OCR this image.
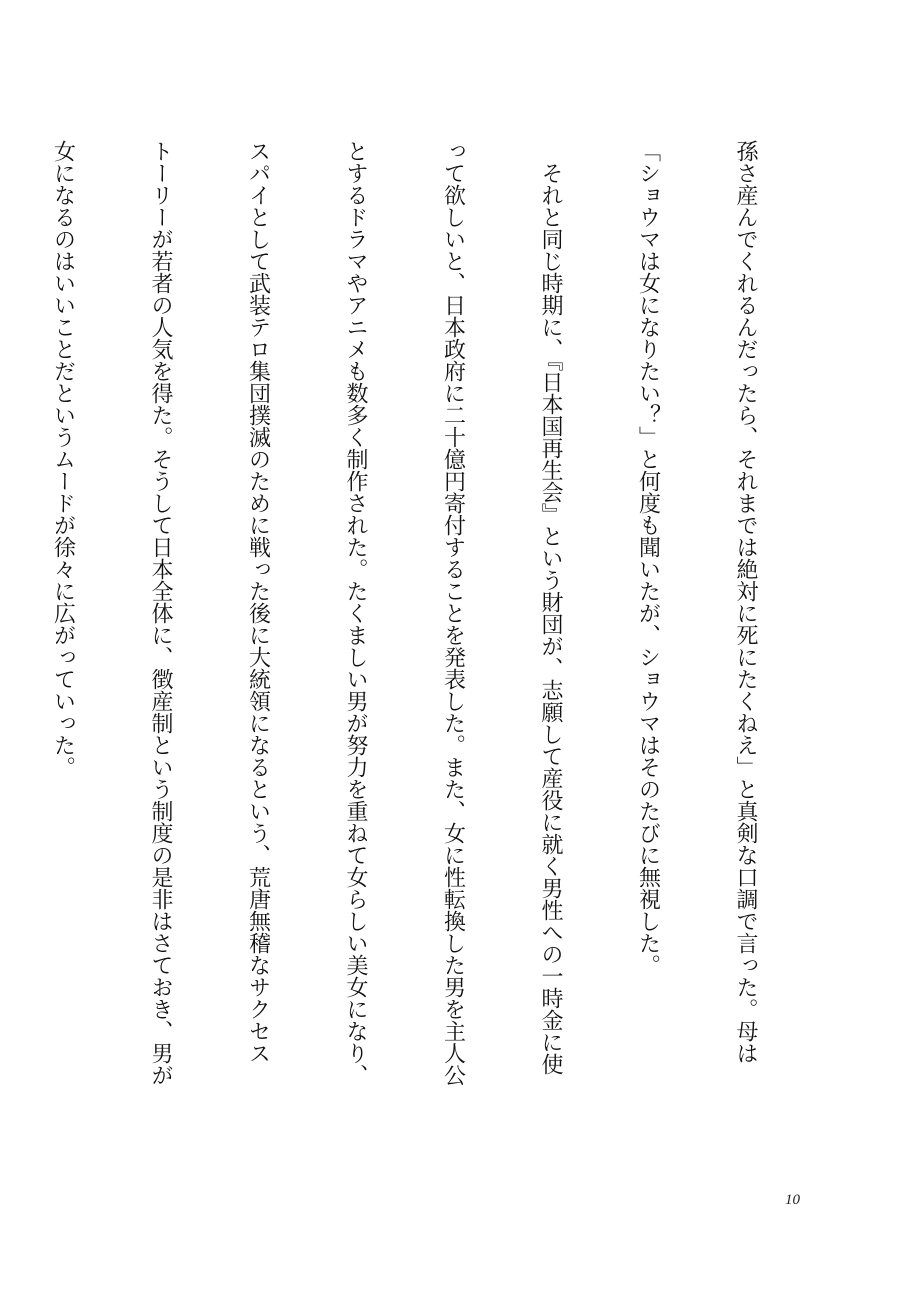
孫さ産んでくれるんだったら、それまでは絶対に死にたくねえ」と真剣な口調で言った。母は

「ショウマは女になりたい？」と何度も聞いたが、ショウマはそのたびに無視した。

　それと同じ時期に、『日本国再生会』という財団が、志願して産役に就く男性への一時金に使

って欲しいと、日本政府に二十億円寄付することを発表した。また、女に性転換した男を主人公

とするドラマやアニメも数多く制作された。たくましい男が努力を重ねて女らしい美女になり、

スパイとして武装テロ集団撲滅のために戦った後に大統領になるという、荒唐無稽なサクセス

トーリーが若者の人気を得た。そうして日本全体に、徴産制という制度の是非はさておき、男が

女になるのはいいことだというムードが徐々に広がっていった。

10
